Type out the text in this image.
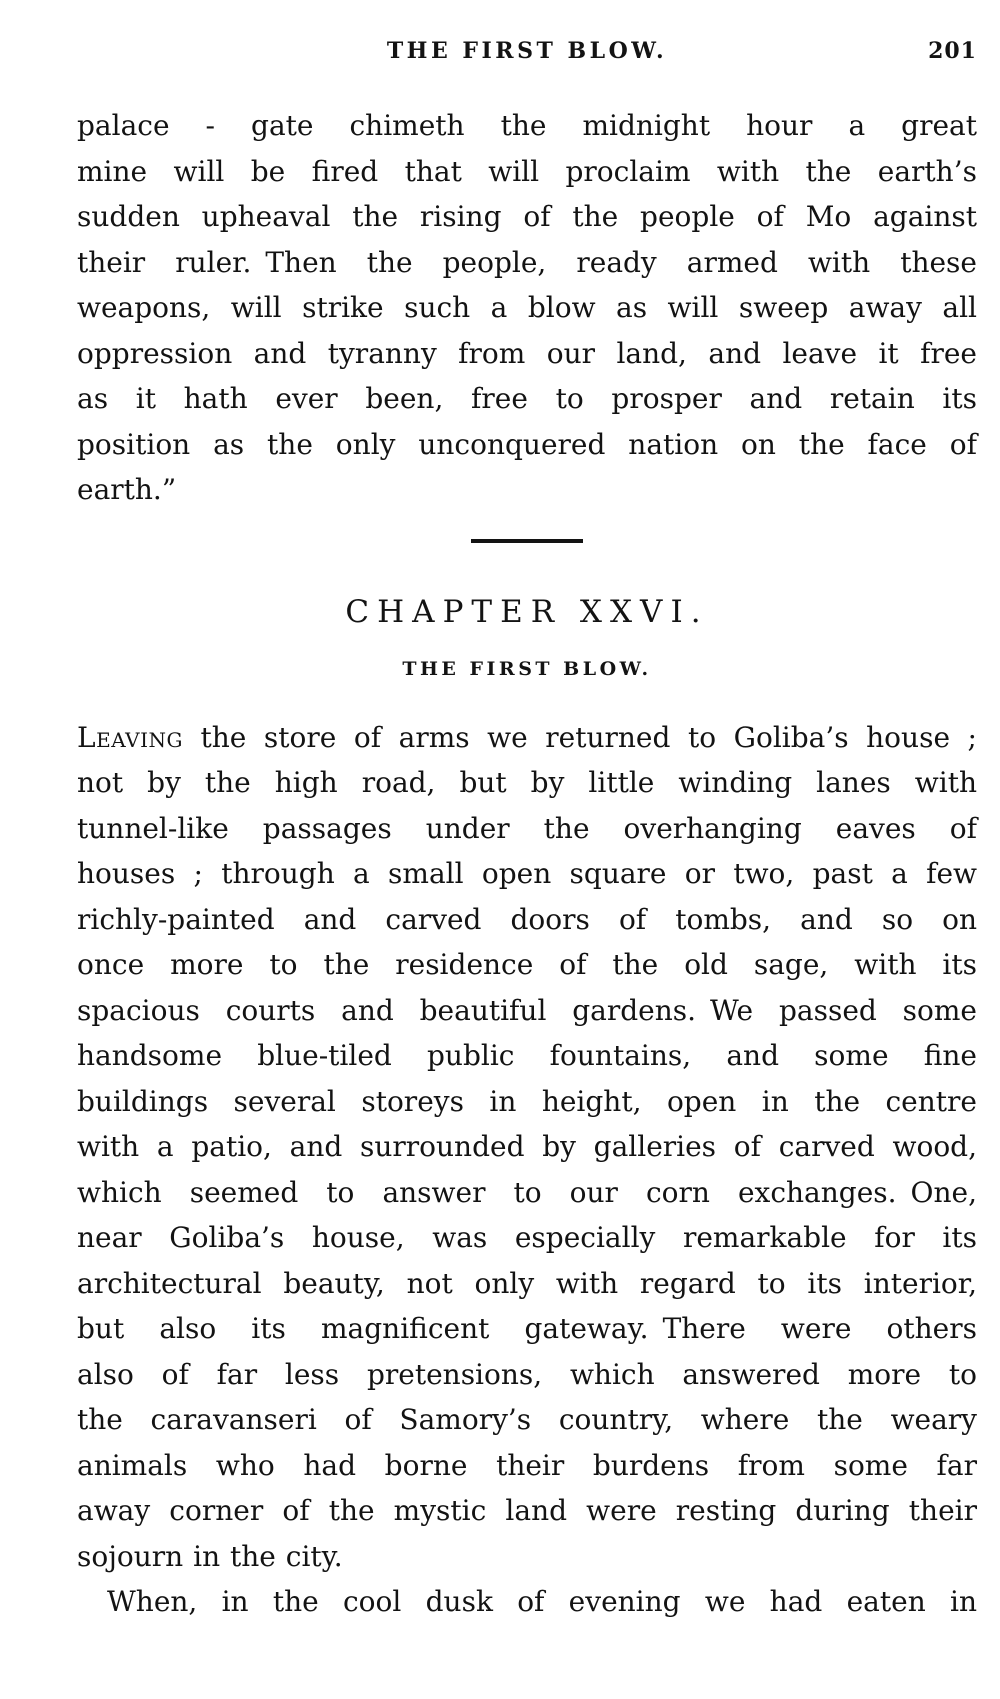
THE FIRST BLOW.	201
palace - gate chimeth the midnight hour a great
mine will be fired that will proclaim with the earth’s
sudden upheaval the rising of the people of Mo against
their ruler. Then the people, ready armed with these
weapons, will strike such a blow as will sweep away all
oppression and tyranny from our land, and leave it free
as it hath ever been, free to prosper and retain its
position as the only unconquered nation on the face of
earth.”
CHAPTER XXVI.
THE FIRST BLOW.
Leaving the store of arms we returned to Goliba’s house ;
not by the high road, but by little winding lanes with
tunnel-like passages under the overhanging eaves of
houses ; through a small open square or two, past a few
richly-painted and carved doors of tombs, and so on
once more to the residence of the old sage, with its
spacious courts and beautiful gardens. We passed some
handsome blue-tiled public fountains, and some fine
buildings several storeys in height, open in the centre
with a patio, and surrounded by galleries of carved wood,
which seemed to answer to our corn exchanges. One,
near Goliba’s house, was especially remarkable for its
architectural beauty, not only with regard to its interior,
but also its magnificent gateway. There were others
also of far less pretensions, which answered more to
the caravanseri of Samory’s country, where the weary
animals who had borne their burdens from some far
away corner of the mystic land were resting during their
sojourn in the city.
When, in the cool dusk of evening we had eaten in
